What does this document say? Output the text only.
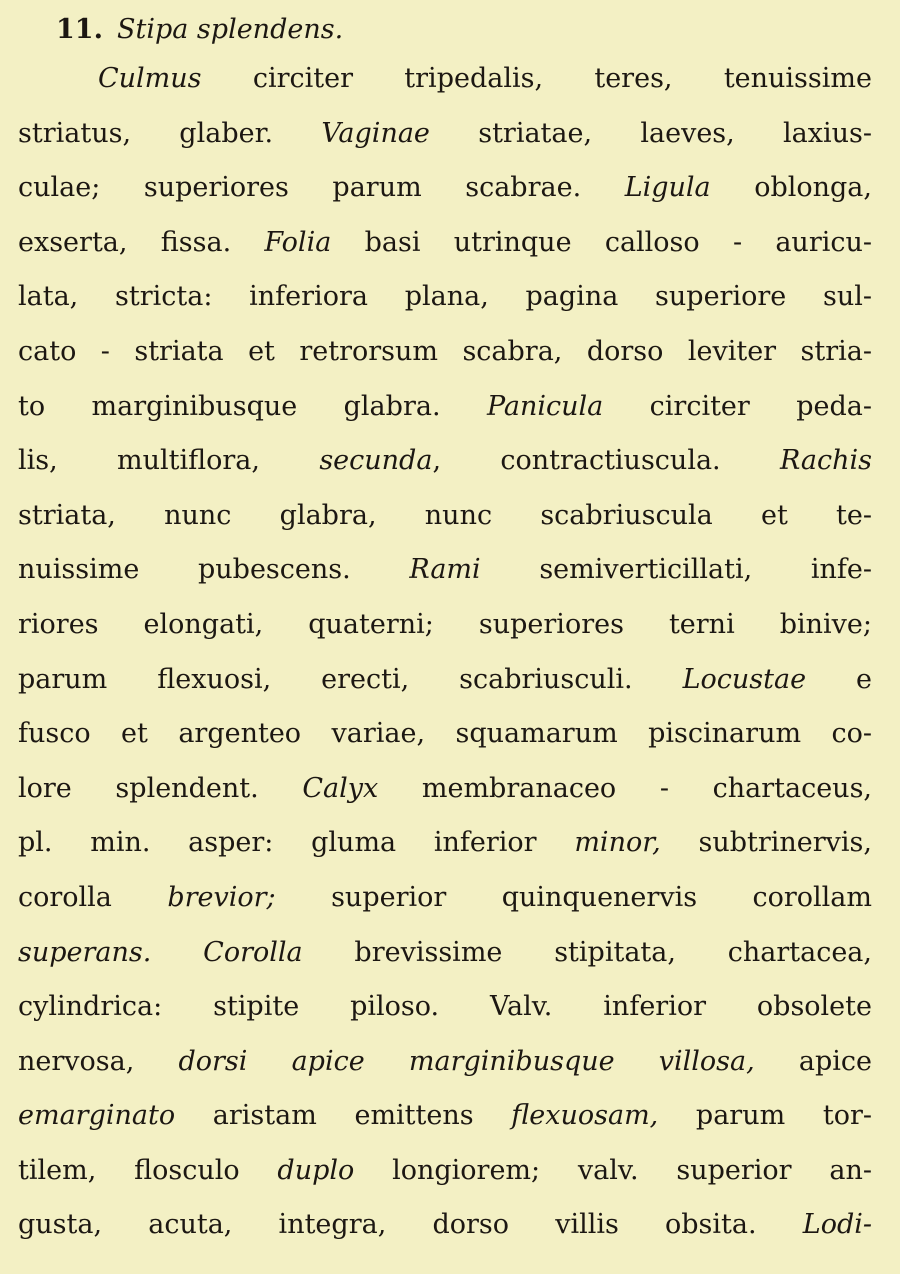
11. Stipa splendens.
Culmus circiter tripedalis, teres, tenuissime
striatus, glaber. Vaginae striatae, laeves, laxius-
culae; superiores parum scabrae. Ligula oblonga,
exserta, fissa. Folia basi utrinque calloso - auricu-
lata, stricta: inferiora plana, pagina superiore sul-
cato - striata et retrorsum scabra, dorso leviter stria-
to marginibusque glabra. Panicula circiter peda-
lis, multiflora, secunda, contractiuscula. Rachis
striata, nunc glabra, nunc scabriuscula et te-
nuissime pubescens. Rami semiverticillati, infe-
riores elongati, quaterni; superiores terni binive;
parum flexuosi, erecti, scabriusculi. Locustae e
fusco et argenteo variae, squamarum piscinarum co-
lore splendent. Calyx membranaceo - chartaceus,
pl. min. asper: gluma inferior minor, subtrinervis,
corolla brevior; superior quinquenervis corollam
superans. Corolla brevissime stipitata, chartacea,
cylindrica: stipite piloso. Valv. inferior obsolete
nervosa, dorsi apice marginibusque villosa, apice
emarginato aristam emittens flexuosam, parum tor-
tilem, flosculo duplo longiorem; valv. superior an-
gusta, acuta, integra, dorso villis obsita. Lodi-
